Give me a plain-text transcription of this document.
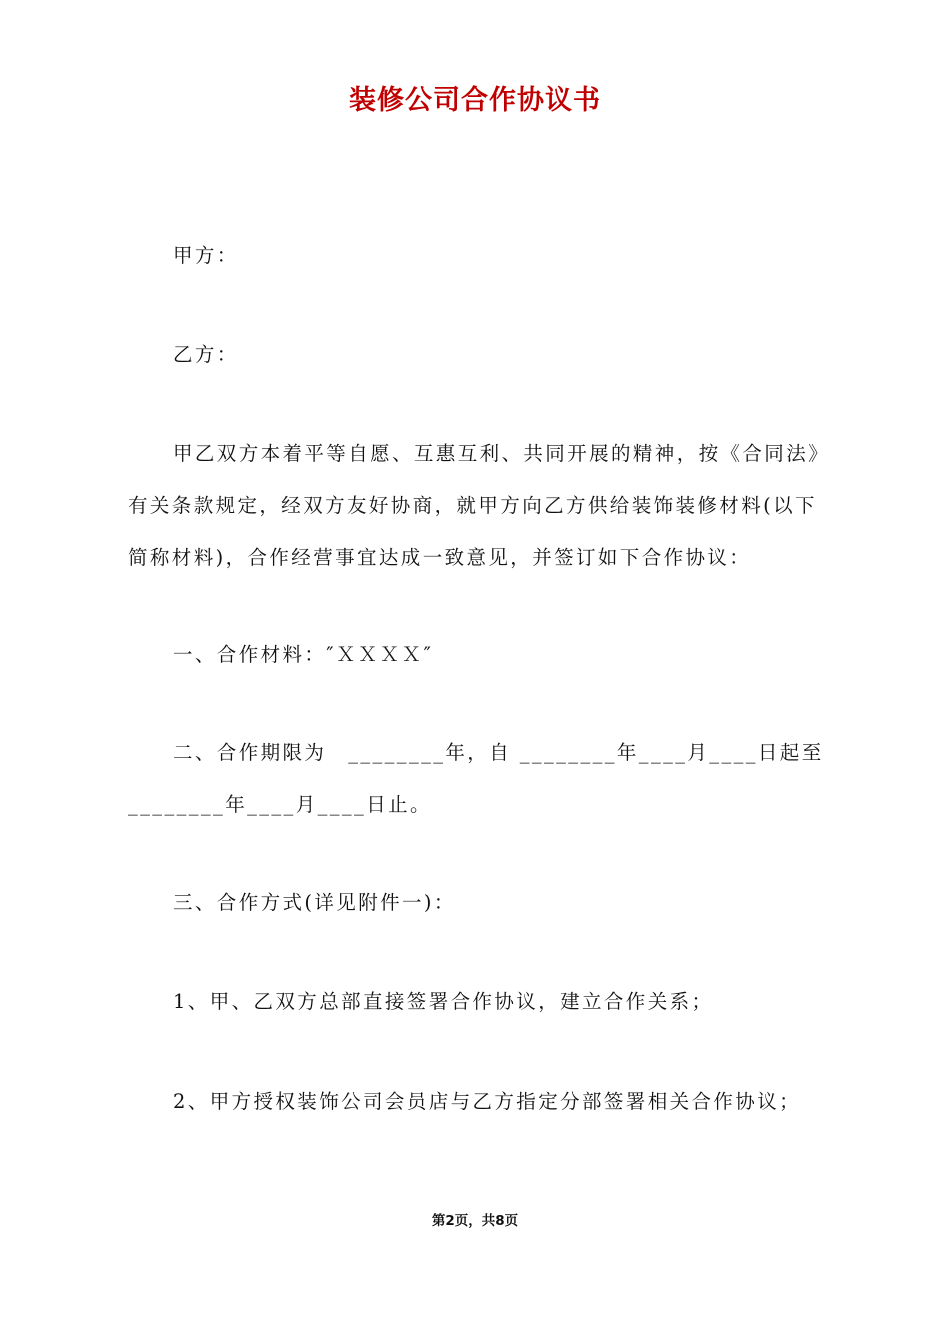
装修公司合作协议书

甲方：

乙方：

甲乙双方本着平等自愿、互惠互利、共同开展的精神，按《合同法》
有关条款规定，经双方友好协商，就甲方向乙方供给装饰装修材料(以下
简称材料)，合作经营事宜达成一致意见，并签订如下合作协议：

一、合作材料：″ＸＸＸＸ″

二、合作期限为　________年，自 ________年____月____日起至
________年____月____日止。

三、合作方式(详见附件一)：

1、甲、乙双方总部直接签署合作协议，建立合作关系；

2、甲方授权装饰公司会员店与乙方指定分部签署相关合作协议；

第2页，共8页
